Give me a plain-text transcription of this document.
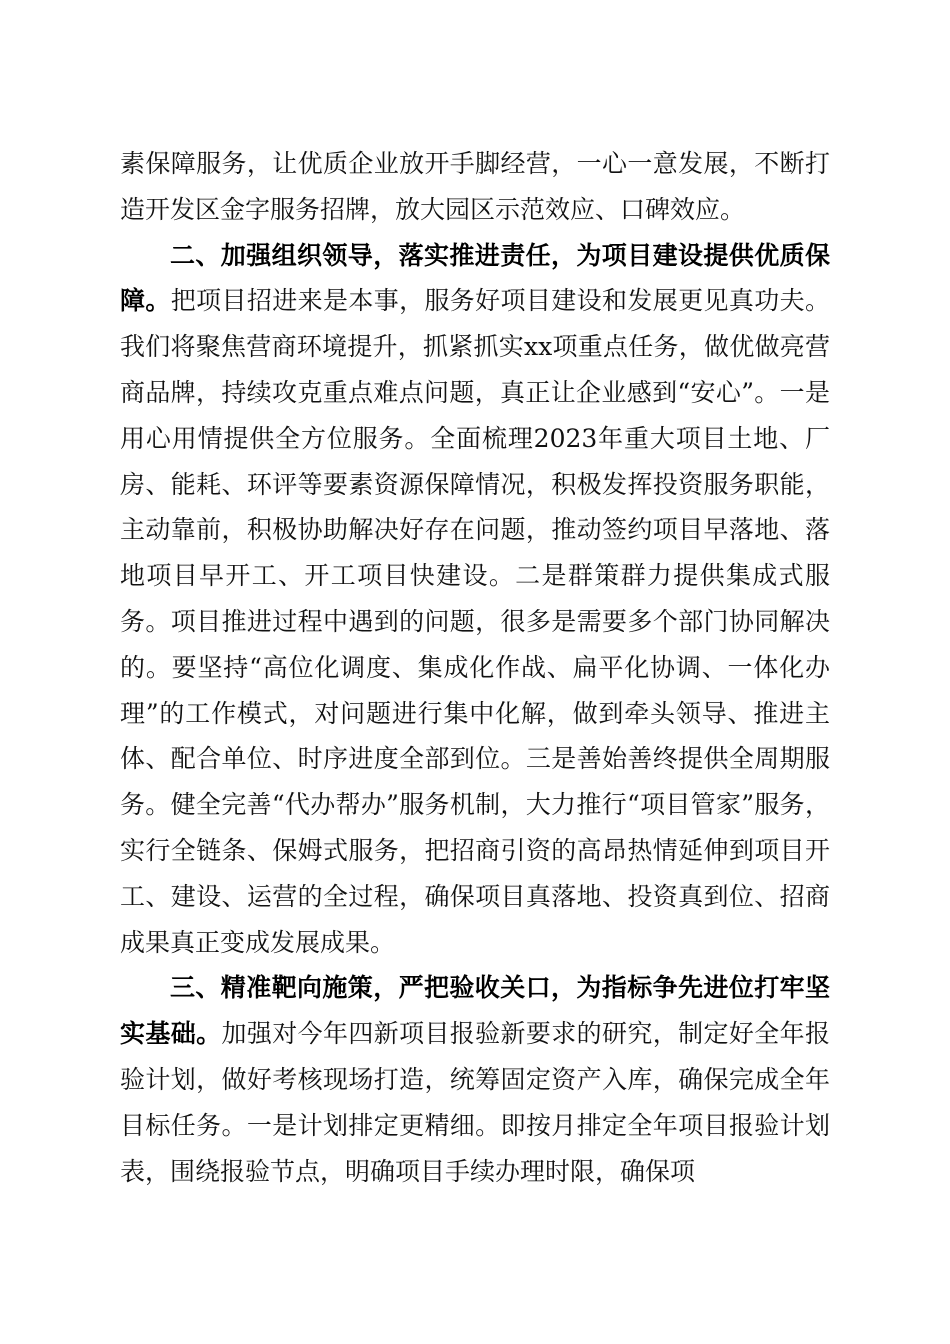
素保障服务，让优质企业放开手脚经营，一心一意发展，不断打造开发区金字服务招牌，放大园区示范效应、口碑效应。

二、加强组织领导，落实推进责任，为项目建设提供优质保障。把项目招进来是本事，服务好项目建设和发展更见真功夫。我们将聚焦营商环境提升，抓紧抓实xx项重点任务，做优做亮营商品牌，持续攻克重点难点问题，真正让企业感到“安心”。一是用心用情提供全方位服务。全面梳理2023年重大项目土地、厂房、能耗、环评等要素资源保障情况，积极发挥投资服务职能，主动靠前，积极协助解决好存在问题，推动签约项目早落地、落地项目早开工、开工项目快建设。二是群策群力提供集成式服务。项目推进过程中遇到的问题，很多是需要多个部门协同解决的。要坚持“高位化调度、集成化作战、扁平化协调、一体化办理”的工作模式，对问题进行集中化解，做到牵头领导、推进主体、配合单位、时序进度全部到位。三是善始善终提供全周期服务。健全完善“代办帮办”服务机制，大力推行“项目管家”服务，实行全链条、保姆式服务，把招商引资的高昂热情延伸到项目开工、建设、运营的全过程，确保项目真落地、投资真到位、招商成果真正变成发展成果。

三、精准靶向施策，严把验收关口，为指标争先进位打牢坚实基础。加强对今年四新项目报验新要求的研究，制定好全年报验计划，做好考核现场打造，统筹固定资产入库，确保完成全年目标任务。一是计划排定更精细。即按月排定全年项目报验计划表，围绕报验节点，明确项目手续办理时限，确保项
